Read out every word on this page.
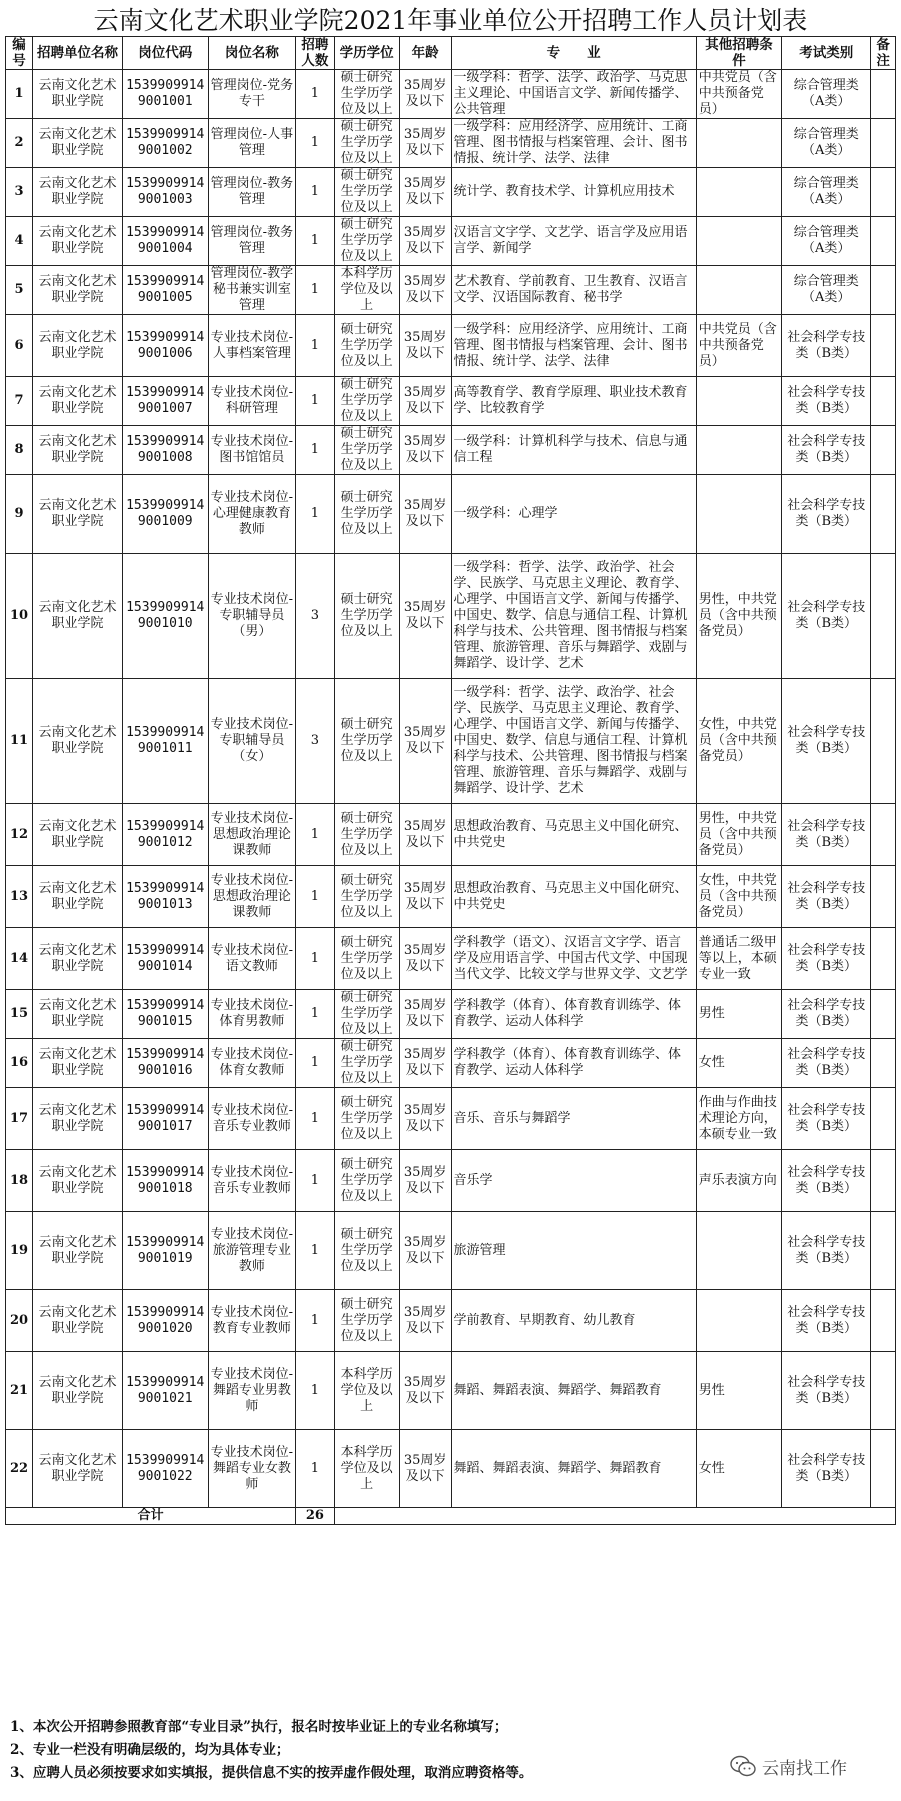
云南文化艺术职业学院2021年事业单位公开招聘工作人员计划表
编号	招聘单位名称	岗位代码	岗位名称	招聘人数	学历学位	年龄	专　　业	其他招聘条件	考试类别	备注
1	云南文化艺术职业学院	15399099149001001	管理岗位-党务专干	1	硕士研究生学历学位及以上	35周岁及以下	一级学科：哲学、法学、政治学、马克思主义理论、中国语言文学、新闻传播学、公共管理	中共党员（含中共预备党员）	综合管理类（A类）	
2	云南文化艺术职业学院	15399099149001002	管理岗位-人事管理	1	硕士研究生学历学位及以上	35周岁及以下	一级学科：应用经济学、应用统计、工商管理、图书情报与档案管理、会计、图书情报、统计学、法学、法律		综合管理类（A类）	
3	云南文化艺术职业学院	15399099149001003	管理岗位-教务管理	1	硕士研究生学历学位及以上	35周岁及以下	统计学、教育技术学、计算机应用技术		综合管理类（A类）	
4	云南文化艺术职业学院	15399099149001004	管理岗位-教务管理	1	硕士研究生学历学位及以上	35周岁及以下	汉语言文字学、文艺学、语言学及应用语言学、新闻学		综合管理类（A类）	
5	云南文化艺术职业学院	15399099149001005	管理岗位-教学秘书兼实训室管理	1	本科学历学位及以上	35周岁及以下	艺术教育、学前教育、卫生教育、汉语言文学、汉语国际教育、秘书学		综合管理类（A类）	
6	云南文化艺术职业学院	15399099149001006	专业技术岗位-人事档案管理	1	硕士研究生学历学位及以上	35周岁及以下	一级学科：应用经济学、应用统计、工商管理、图书情报与档案管理、会计、图书情报、统计学、法学、法律	中共党员（含中共预备党员）	社会科学专技类（B类）	
7	云南文化艺术职业学院	15399099149001007	专业技术岗位-科研管理	1	硕士研究生学历学位及以上	35周岁及以下	高等教育学、教育学原理、职业技术教育学、比较教育学		社会科学专技类（B类）	
8	云南文化艺术职业学院	15399099149001008	专业技术岗位-图书馆馆员	1	硕士研究生学历学位及以上	35周岁及以下	一级学科：计算机科学与技术、信息与通信工程		社会科学专技类（B类）	
9	云南文化艺术职业学院	15399099149001009	专业技术岗位-心理健康教育教师	1	硕士研究生学历学位及以上	35周岁及以下	一级学科：心理学		社会科学专技类（B类）	
10	云南文化艺术职业学院	15399099149001010	专业技术岗位-专职辅导员（男）	3	硕士研究生学历学位及以上	35周岁及以下	一级学科：哲学、法学、政治学、社会学、民族学、马克思主义理论、教育学、心理学、中国语言文学、新闻与传播学、中国史、数学、信息与通信工程、计算机科学与技术、公共管理、图书情报与档案管理、旅游管理、音乐与舞蹈学、戏剧与舞蹈学、设计学、艺术	男性，中共党员（含中共预备党员）	社会科学专技类（B类）	
11	云南文化艺术职业学院	15399099149001011	专业技术岗位-专职辅导员（女）	3	硕士研究生学历学位及以上	35周岁及以下	一级学科：哲学、法学、政治学、社会学、民族学、马克思主义理论、教育学、心理学、中国语言文学、新闻与传播学、中国史、数学、信息与通信工程、计算机科学与技术、公共管理、图书情报与档案管理、旅游管理、音乐与舞蹈学、戏剧与舞蹈学、设计学、艺术	女性，中共党员（含中共预备党员）	社会科学专技类（B类）	
12	云南文化艺术职业学院	15399099149001012	专业技术岗位-思想政治理论课教师	1	硕士研究生学历学位及以上	35周岁及以下	思想政治教育、马克思主义中国化研究、中共党史	男性，中共党员（含中共预备党员）	社会科学专技类（B类）	
13	云南文化艺术职业学院	15399099149001013	专业技术岗位-思想政治理论课教师	1	硕士研究生学历学位及以上	35周岁及以下	思想政治教育、马克思主义中国化研究、中共党史	女性，中共党员（含中共预备党员）	社会科学专技类（B类）	
14	云南文化艺术职业学院	15399099149001014	专业技术岗位-语文教师	1	硕士研究生学历学位及以上	35周岁及以下	学科教学（语文）、汉语言文字学、语言学及应用语言学、中国古代文学、中国现当代文学、比较文学与世界文学、文艺学	普通话二级甲等以上，本硕专业一致	社会科学专技类（B类）	
15	云南文化艺术职业学院	15399099149001015	专业技术岗位-体育男教师	1	硕士研究生学历学位及以上	35周岁及以下	学科教学（体育）、体育教育训练学、体育教学、运动人体科学	男性	社会科学专技类（B类）	
16	云南文化艺术职业学院	15399099149001016	专业技术岗位-体育女教师	1	硕士研究生学历学位及以上	35周岁及以下	学科教学（体育）、体育教育训练学、体育教学、运动人体科学	女性	社会科学专技类（B类）	
17	云南文化艺术职业学院	15399099149001017	专业技术岗位-音乐专业教师	1	硕士研究生学历学位及以上	35周岁及以下	音乐、音乐与舞蹈学	作曲与作曲技术理论方向，本硕专业一致	社会科学专技类（B类）	
18	云南文化艺术职业学院	15399099149001018	专业技术岗位-音乐专业教师	1	硕士研究生学历学位及以上	35周岁及以下	音乐学	声乐表演方向	社会科学专技类（B类）	
19	云南文化艺术职业学院	15399099149001019	专业技术岗位-旅游管理专业教师	1	硕士研究生学历学位及以上	35周岁及以下	旅游管理		社会科学专技类（B类）	
20	云南文化艺术职业学院	15399099149001020	专业技术岗位-教育专业教师	1	硕士研究生学历学位及以上	35周岁及以下	学前教育、早期教育、幼儿教育		社会科学专技类（B类）	
21	云南文化艺术职业学院	15399099149001021	专业技术岗位-舞蹈专业男教师	1	本科学历学位及以上	35周岁及以下	舞蹈、舞蹈表演、舞蹈学、舞蹈教育	男性	社会科学专技类（B类）	
22	云南文化艺术职业学院	15399099149001022	专业技术岗位-舞蹈专业女教师	1	本科学历学位及以上	35周岁及以下	舞蹈、舞蹈表演、舞蹈学、舞蹈教育	女性	社会科学专技类（B类）	
合计				26						
1、本次公开招聘参照教育部“专业目录”执行，报名时按毕业证上的专业名称填写；
2、专业一栏没有明确层级的，均为具体专业；
3、应聘人员必须按要求如实填报，提供信息不实的按弄虚作假处理，取消应聘资格等。	云南找工作
